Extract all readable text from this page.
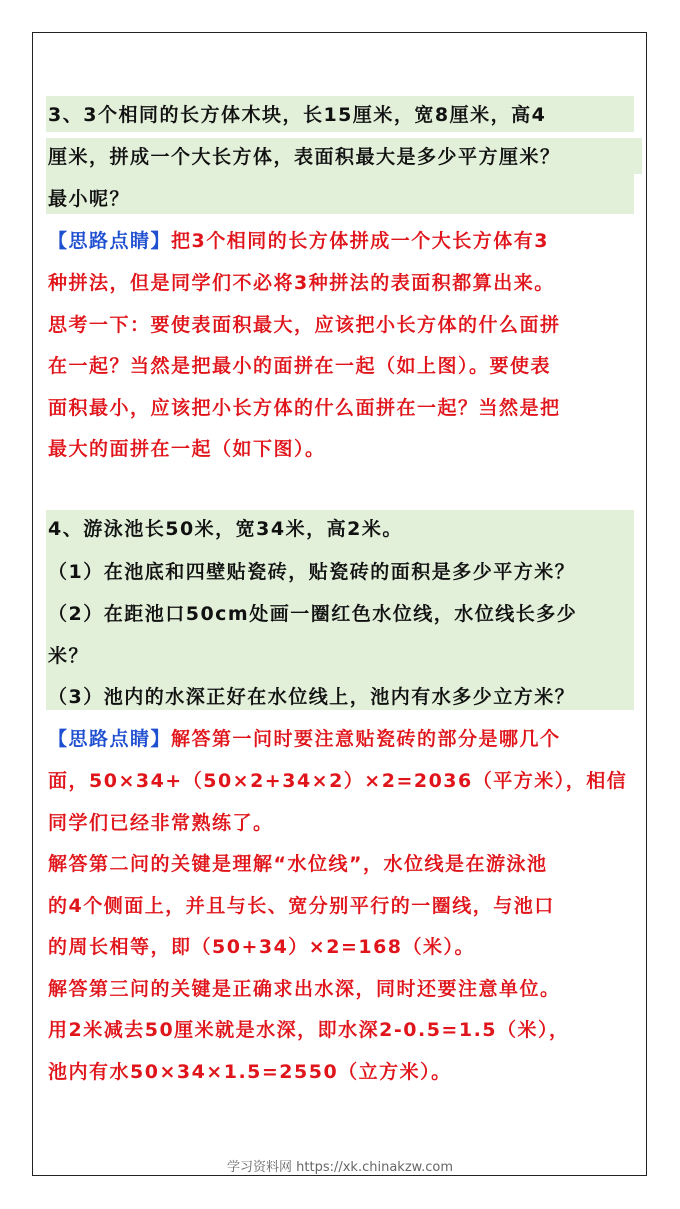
3、3个相同的长方体木块，长15厘米，宽8厘米，高4
厘米，拼成一个大长方体，表面积最大是多少平方厘米？
最小呢？
【思路点睛】把3个相同的长方体拼成一个大长方体有3
种拼法，但是同学们不必将3种拼法的表面积都算出来。
思考一下：要使表面积最大，应该把小长方体的什么面拼
在一起？当然是把最小的面拼在一起（如上图）。要使表
面积最小，应该把小长方体的什么面拼在一起？当然是把
最大的面拼在一起（如下图）。
4、游泳池长50米，宽34米，高2米。
（1）在池底和四壁贴瓷砖，贴瓷砖的面积是多少平方米？
（2）在距池口50cm处画一圈红色水位线，水位线长多少
米？
（3）池内的水深正好在水位线上，池内有水多少立方米？
【思路点睛】解答第一问时要注意贴瓷砖的部分是哪几个
面，50×34+（50×2+34×2）×2=2036（平方米），相信
同学们已经非常熟练了。
解答第二问的关键是理解“水位线”，水位线是在游泳池
的4个侧面上，并且与长、宽分别平行的一圈线，与池口
的周长相等，即（50+34）×2=168（米）。
解答第三问的关键是正确求出水深，同时还要注意单位。
用2米减去50厘米就是水深，即水深2-0.5=1.5（米），
池内有水50×34×1.5=2550（立方米）。
学习资料网 https://xk.chinakzw.com
